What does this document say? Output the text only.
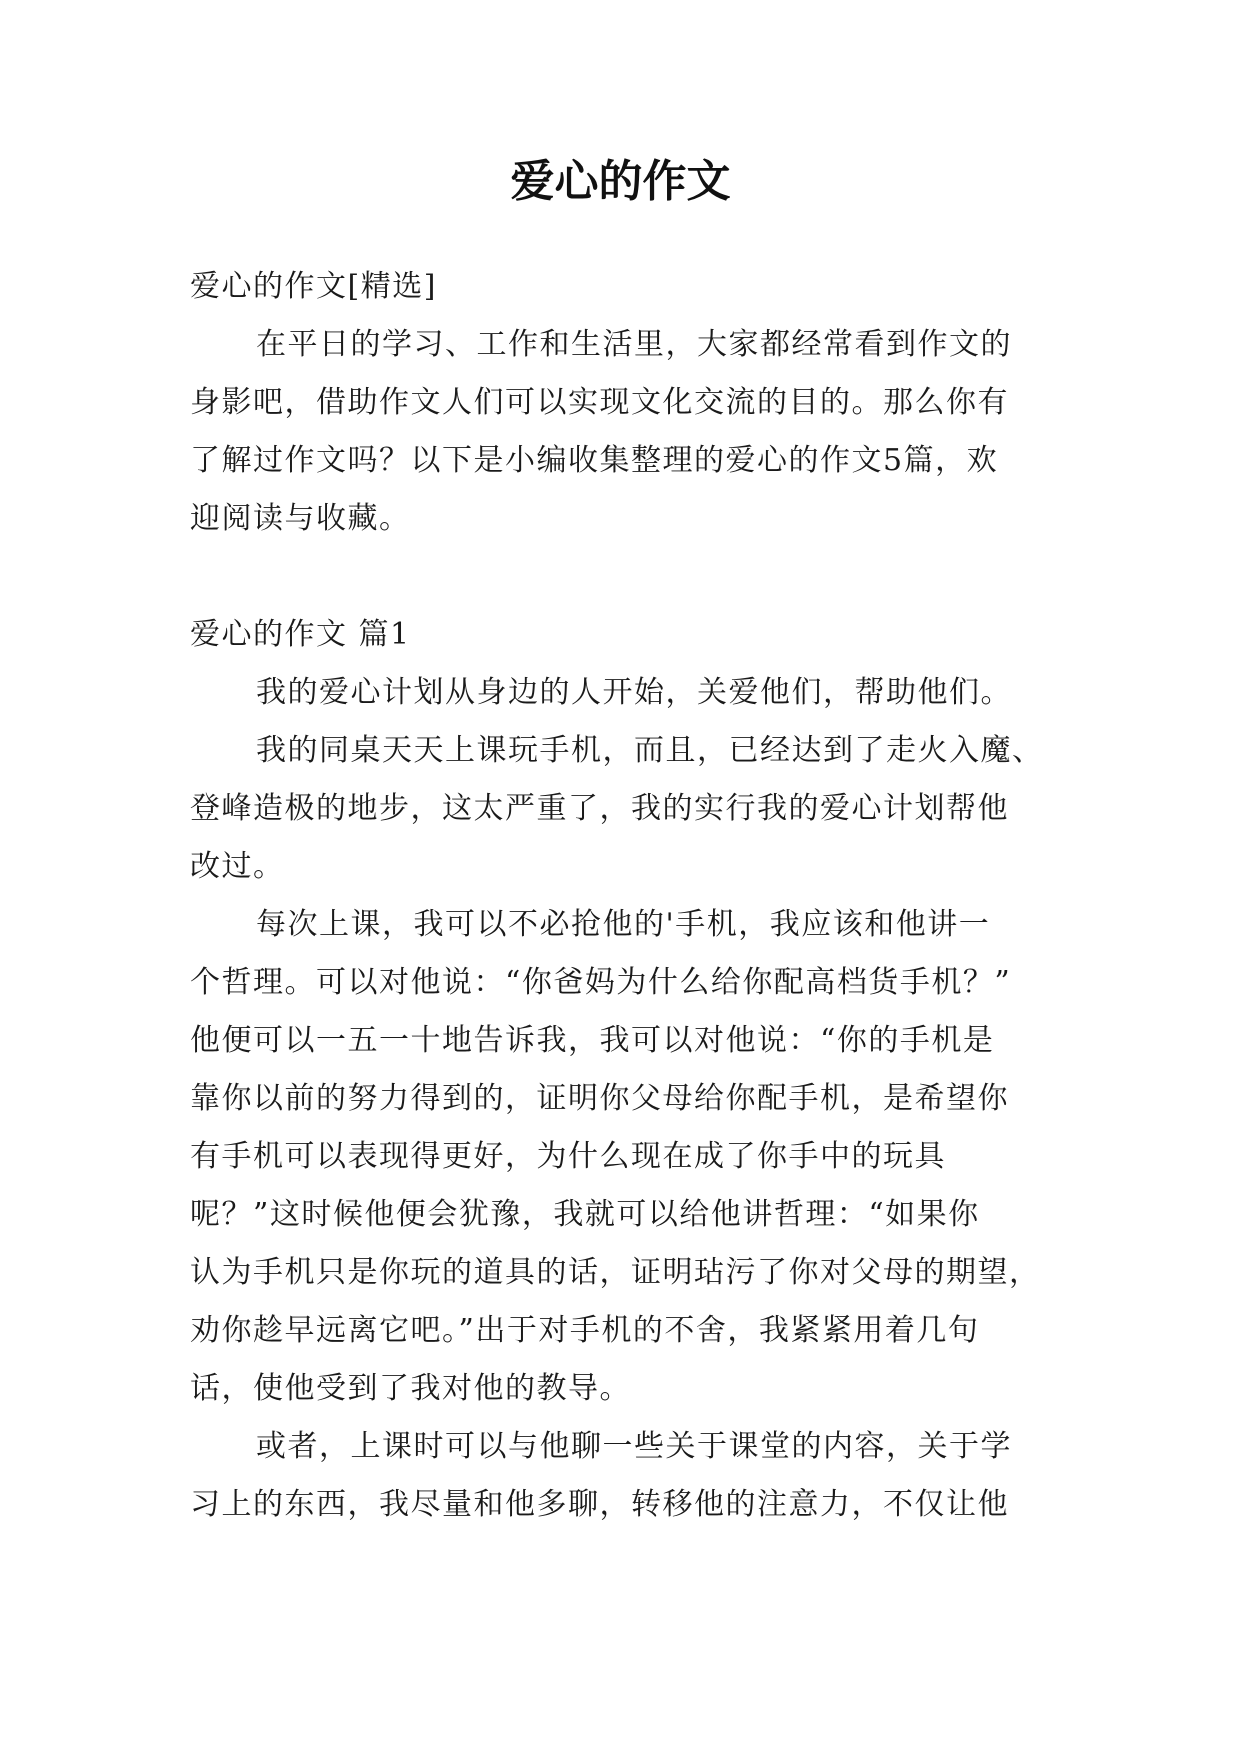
爱心的作文
爱心的作文[精选]
在平日的学习、工作和生活里，大家都经常看到作文的
身影吧，借助作文人们可以实现文化交流的目的。那么你有
了解过作文吗？以下是小编收集整理的爱心的作文5篇，欢
迎阅读与收藏。
爱心的作文 篇1
我的爱心计划从身边的人开始，关爱他们，帮助他们。
我的同桌天天上课玩手机，而且，已经达到了走火入魔、
登峰造极的地步，这太严重了，我的实行我的爱心计划帮他
改过。
每次上课，我可以不必抢他的'手机，我应该和他讲一
个哲理。可以对他说：“你爸妈为什么给你配高档货手机？”
他便可以一五一十地告诉我，我可以对他说：“你的手机是
靠你以前的努力得到的，证明你父母给你配手机，是希望你
有手机可以表现得更好，为什么现在成了你手中的玩具
呢？”这时候他便会犹豫，我就可以给他讲哲理：“如果你
认为手机只是你玩的道具的话，证明玷污了你对父母的期望，
劝你趁早远离它吧。”出于对手机的不舍，我紧紧用着几句
话，使他受到了我对他的教导。
或者，上课时可以与他聊一些关于课堂的内容，关于学
习上的东西，我尽量和他多聊，转移他的注意力，不仅让他
